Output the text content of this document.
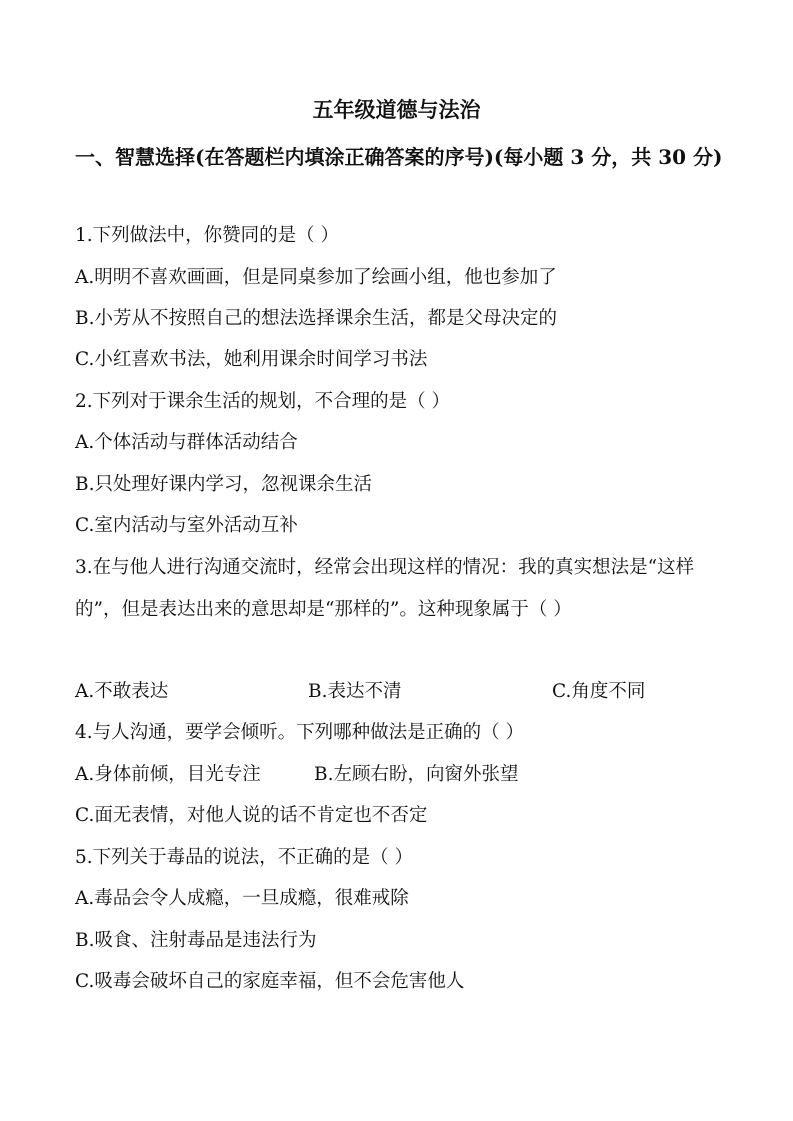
五年级道德与法治
一、智慧选择(在答题栏内填涂正确答案的序号)(每小题 3 分，共 30 分)
1.下列做法中，你赞同的是（ ）
A.明明不喜欢画画，但是同桌参加了绘画小组，他也参加了
B.小芳从不按照自己的想法选择课余生活，都是父母决定的
C.小红喜欢书法，她利用课余时间学习书法
2.下列对于课余生活的规划，不合理的是（ ）
A.个体活动与群体活动结合
B.只处理好课内学习，忽视课余生活
C.室内活动与室外活动互补
3.在与他人进行沟通交流时，经常会出现这样的情况：我的真实想法是“这样的”，但是表达出来的意思却是“那样的”。这种现象属于（ ）
A.不敢表达	B.表达不清	C.角度不同
4.与人沟通，要学会倾听。下列哪种做法是正确的（ ）
A.身体前倾，目光专注	B.左顾右盼，向窗外张望
C.面无表情，对他人说的话不肯定也不否定
5.下列关于毒品的说法，不正确的是（ ）
A.毒品会令人成瘾，一旦成瘾，很难戒除
B.吸食、注射毒品是违法行为
C.吸毒会破坏自己的家庭幸福，但不会危害他人
